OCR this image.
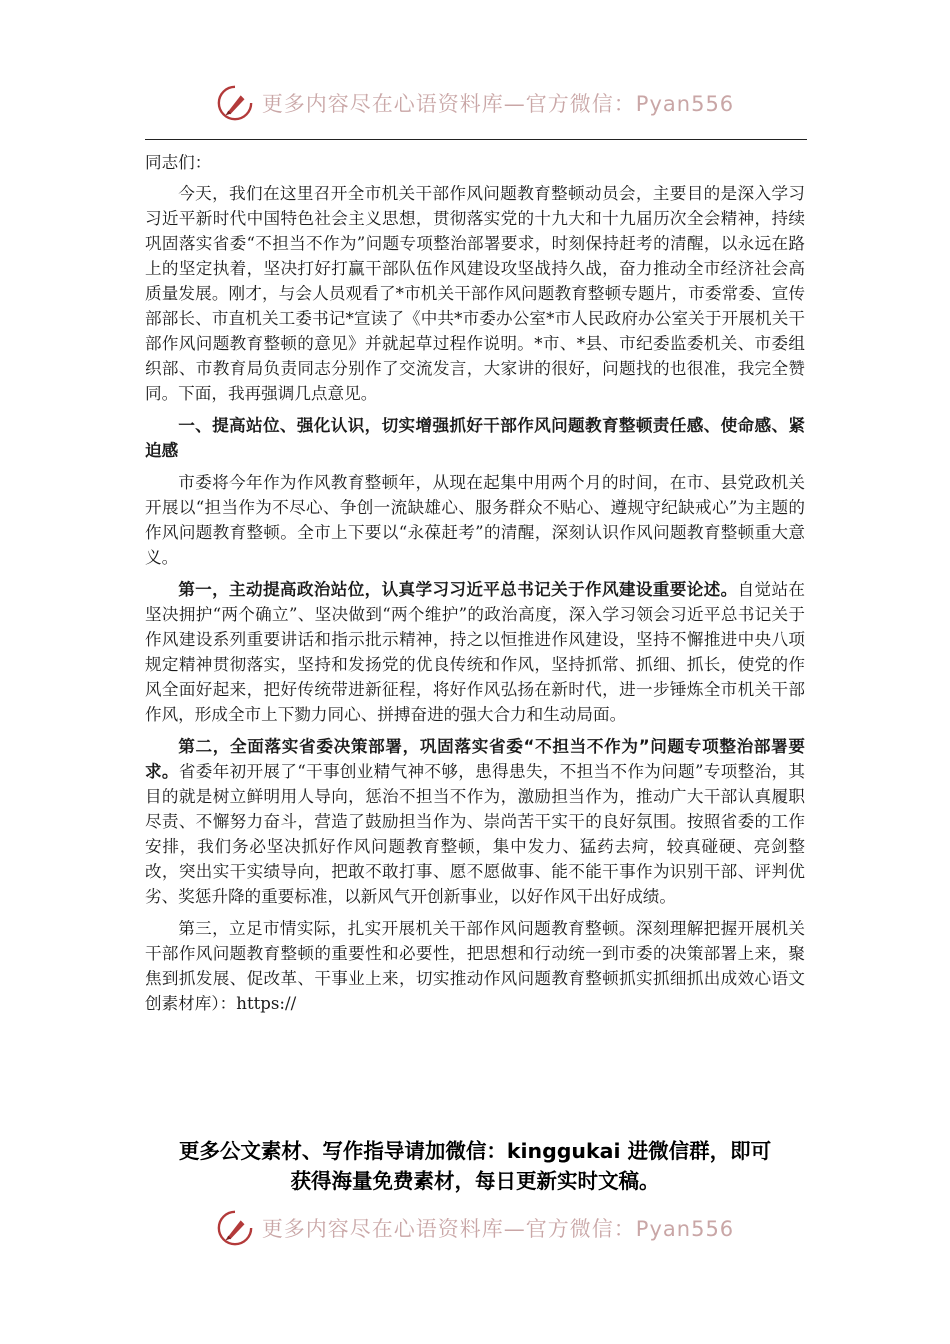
更多内容尽在心语资料库—官方微信：Pyan556

同志们：

今天，我们在这里召开全市机关干部作风问题教育整顿动员会，主要目的是深入学习习近平新时代中国特色社会主义思想，贯彻落实党的十九大和十九届历次全会精神，持续巩固落实省委“不担当不作为”问题专项整治部署要求，时刻保持赶考的清醒，以永远在路上的坚定执着，坚决打好打赢干部队伍作风建设攻坚战持久战，奋力推动全市经济社会高质量发展。刚才，与会人员观看了*市机关干部作风问题教育整顿专题片，市委常委、宣传部部长、市直机关工委书记*宣读了《中共*市委办公室*市人民政府办公室关于开展机关干部作风问题教育整顿的意见》并就起草过程作说明。*市、*县、市纪委监委机关、市委组织部、市教育局负责同志分别作了交流发言，大家讲的很好，问题找的也很准，我完全赞同。下面，我再强调几点意见。

一、提高站位、强化认识，切实增强抓好干部作风问题教育整顿责任感、使命感、紧迫感

市委将今年作为作风教育整顿年，从现在起集中用两个月的时间，在市、县党政机关开展以“担当作为不尽心、争创一流缺雄心、服务群众不贴心、遵规守纪缺戒心”为主题的作风问题教育整顿。全市上下要以“永葆赶考”的清醒，深刻认识作风问题教育整顿重大意义。

第一，主动提高政治站位，认真学习习近平总书记关于作风建设重要论述。自觉站在坚决拥护“两个确立”、坚决做到“两个维护”的政治高度，深入学习领会习近平总书记关于作风建设系列重要讲话和指示批示精神，持之以恒推进作风建设，坚持不懈推进中央八项规定精神贯彻落实，坚持和发扬党的优良传统和作风，坚持抓常、抓细、抓长，使党的作风全面好起来，把好传统带进新征程，将好作风弘扬在新时代，进一步锤炼全市机关干部作风，形成全市上下勠力同心、拼搏奋进的强大合力和生动局面。

第二，全面落实省委决策部署，巩固落实省委“不担当不作为”问题专项整治部署要求。省委年初开展了“干事创业精气神不够，患得患失，不担当不作为问题”专项整治，其目的就是树立鲜明用人导向，惩治不担当不作为，激励担当作为，推动广大干部认真履职尽责、不懈努力奋斗，营造了鼓励担当作为、崇尚苦干实干的良好氛围。按照省委的工作安排，我们务必坚决抓好作风问题教育整顿，集中发力、猛药去疴，较真碰硬、亮剑整改，突出实干实绩导向，把敢不敢打事、愿不愿做事、能不能干事作为识别干部、评判优劣、奖惩升降的重要标准，以新风气开创新事业，以好作风干出好成绩。

第三，立足市情实际，扎实开展机关干部作风问题教育整顿。深刻理解把握开展机关干部作风问题教育整顿的重要性和必要性，把思想和行动统一到市委的决策部署上来，聚焦到抓发展、促改革、干事业上来，切实推动作风问题教育整顿抓实抓细抓出成效心语文创素材库）：https://

更多公文素材、写作指导请加微信：kinggukai 进微信群，即可
获得海量免费素材，每日更新实时文稿。
更多内容尽在心语资料库—官方微信：Pyan556
